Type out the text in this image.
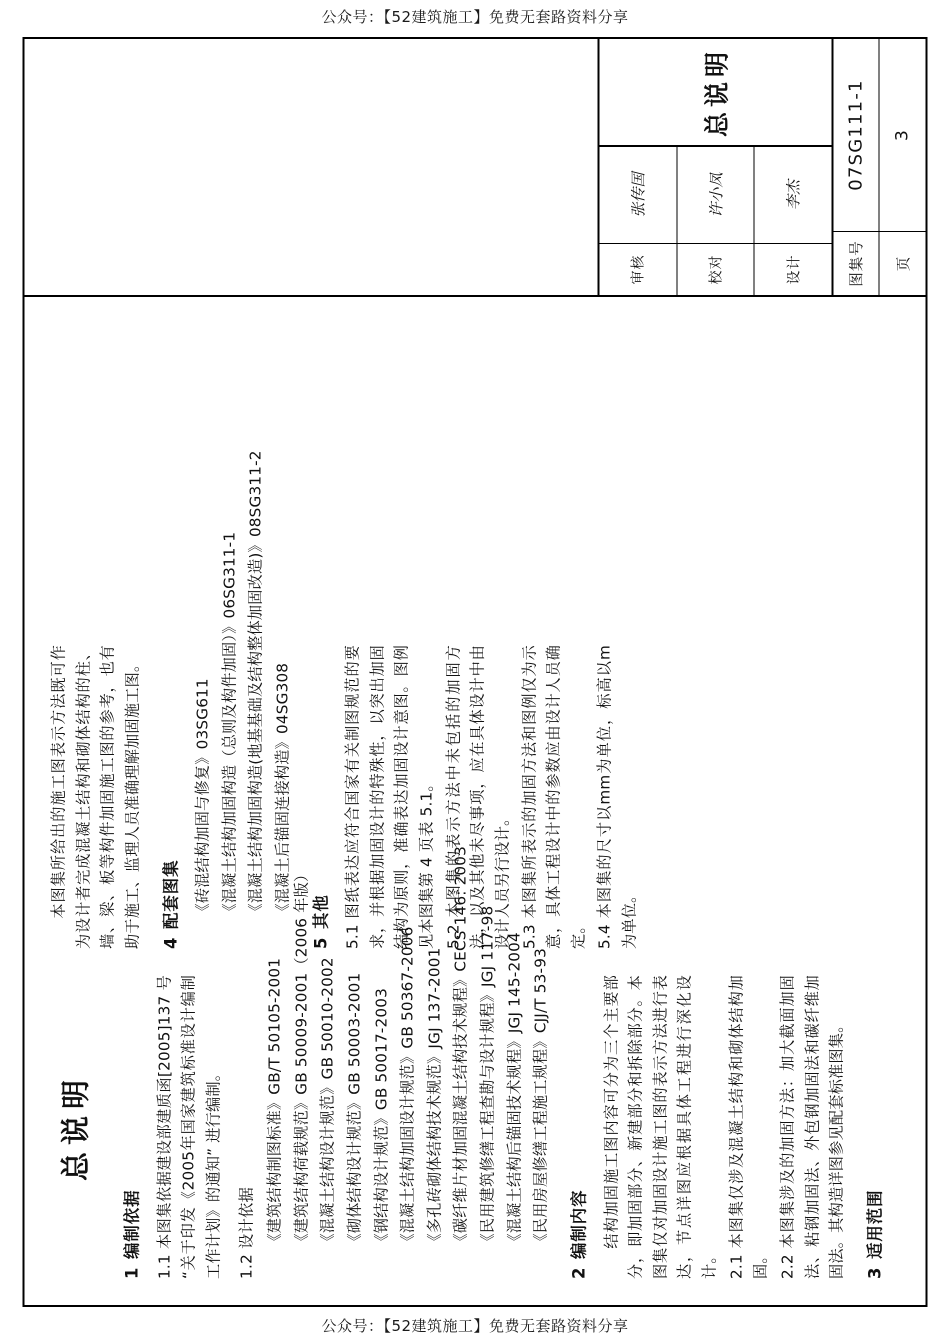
公众号：【52建筑施工】免费无套路资料分享
总说明
1编制依据 1.1 本图集依据建设部建质函[2005]137 号 “关于印发《2005年国家建筑标准设计编制工作计划》的通知” 进行编制。 1.2 设计依据 《建筑结构制图标准》GB/T 50105-2001 《建筑结构荷载规范》GB 50009-2001（2006 年版） 《混凝土结构设计规范》GB 50010-2002 《砌体结构设计规范》GB 50003-2001 《钢结构设计规范》GB 50017-2003 《混凝土结构加固设计规范》GB 50367-2006 《多孔砖砌体结构技术规范》JGJ 137-2001 《碳纤维片材加固混凝土结构技术规程》CECS 146: 2003 《民用建筑修缮工程查勘与设计规程》JGJ 117-98 《混凝土结构后锚固技术规程》JGJ 145-2004 《民用房屋修缮工程施工规程》CJJ/T 53-93

2编制内容 结构加固施工图内容可分为三个主要部分，即加固部分、新建部分和拆除部分。本图集仅对加固设计施工图的表示方法进行表达，节点详图应根据具体工程进行深化设计。 2.1 本图集仅涉及混凝土结构和砌体结构加固。 2.2 本图集涉及的加固方法：加大截面加固法、粘钢加固法、外包钢加固法和碳纤维加固法。其构造详图参见配套标准图集。 3适用范围

本图集所给出的施工图表示方法既可作为设计者完成混凝土结构和砌体结构的柱、墙、梁、板等构件加固施工图的参考，也有助于施工、监理人员准确理解加固施工图。 4配套图集 《砖混结构加固与修复》03SG611 《混凝土结构加固构造（总则及构件加固）》06SG311-1 《混凝土结构加固构造(地基基础及结构整体加固改造)》08SG311-2 《混凝土后锚固连接构造》04SG308

5其他 5.1 图纸表达应符合国家有关制图规范的要求，并根据加固设计的特殊性，以突出加固结构为原则，准确表达加固设计意图。图例见本图集第 4 页表 5.1。 5.2 本图集的表示方法中未包括的加固方法，以及其他未尽事项，应在具体设计中由设计人员另行设计。 5.3 本图集所表示的加固方法和图例仅为示意，具体工程设计中的参数应由设计人员确定。 5.4 本图集的尺寸以mm为单位，标高以m为单位。

审核
张传国
校对
许小凤
设计
李杰
总说明
图集号
07SG111-1
页
3
公众号：【52建筑施工】免费无套路资料分享
